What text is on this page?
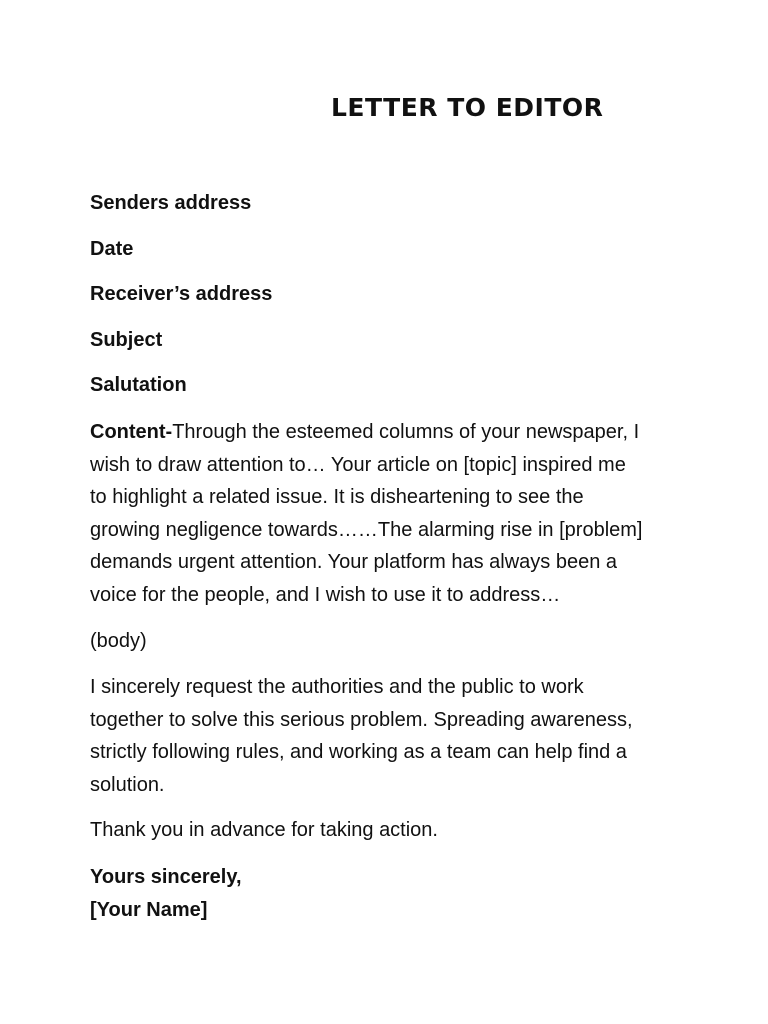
LETTER TO EDITOR

Senders address

Date

Receiver’s address

Subject

Salutation

Content-Through the esteemed columns of your newspaper, I
wish to draw attention to… Your article on [topic] inspired me
to highlight a related issue. It is disheartening to see the
growing negligence towards……The alarming rise in [problem]
demands urgent attention. Your platform has always been a
voice for the people, and I wish to use it to address…
(body)
I sincerely request the authorities and the public to work
together to solve this serious problem. Spreading awareness,
strictly following rules, and working as a team can help find a
solution.
Thank you in advance for taking action.
Yours sincerely,
[Your Name]
